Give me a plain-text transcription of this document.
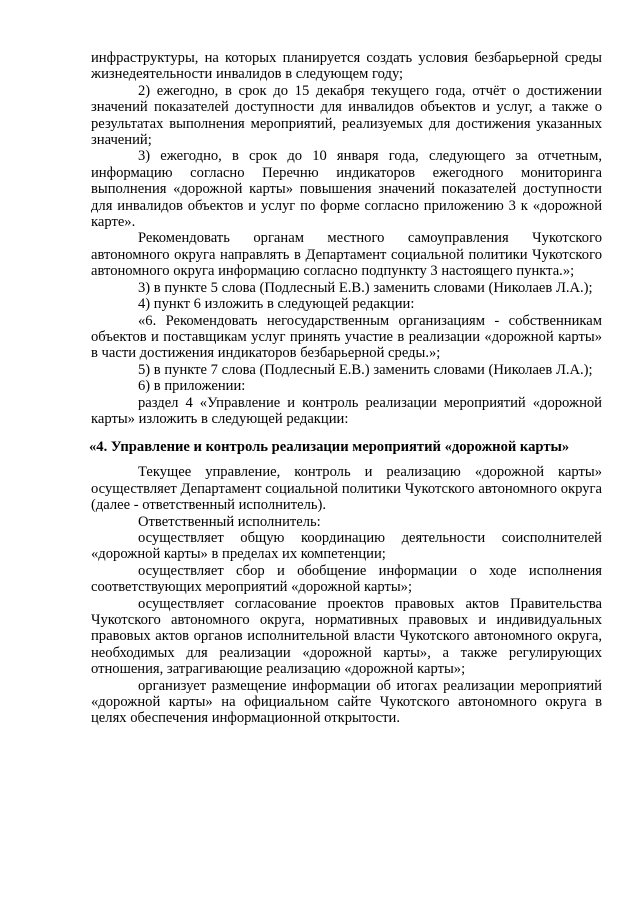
инфраструктуры, на которых планируется создать условия безбарьерной среды жизнедеятельности инвалидов в следующем году;

2) ежегодно, в срок до 15 декабря текущего года, отчёт о достижении значений показателей доступности для инвалидов объектов и услуг, а также о результатах выполнения мероприятий, реализуемых для достижения указанных значений;

3) ежегодно, в срок до 10 января года, следующего за отчетным, информацию согласно Перечню индикаторов ежегодного мониторинга выполнения «дорожной карты» повышения значений показателей доступности для инвалидов объектов и услуг по форме согласно приложению 3 к «дорожной карте».

Рекомендовать органам местного самоуправления Чукотского автономного округа направлять в Департамент социальной политики Чукотского автономного округа информацию согласно подпункту 3 настоящего пункта.»;

3) в пункте 5 слова (Подлесный Е.В.) заменить словами (Николаев Л.А.);

4) пункт 6 изложить в следующей редакции:

«6. Рекомендовать негосударственным организациям - собственникам объектов и поставщикам услуг принять участие в реализации «дорожной карты» в части достижения индикаторов безбарьерной среды.»;

5) в пункте 7 слова (Подлесный Е.В.) заменить словами (Николаев Л.А.);

6) в приложении:

раздел 4 «Управление и контроль реализации мероприятий «дорожной карты» изложить в следующей редакции:

«4. Управление и контроль реализации мероприятий «дорожной карты»

Текущее управление, контроль и реализацию «дорожной карты» осуществляет Департамент социальной политики Чукотского автономного округа (далее - ответственный исполнитель).

Ответственный исполнитель:

осуществляет общую координацию деятельности соисполнителей «дорожной карты» в пределах их компетенции;

осуществляет сбор и обобщение информации о ходе исполнения соответствующих мероприятий «дорожной карты»;

осуществляет согласование проектов правовых актов Правительства Чукотского автономного округа, нормативных правовых и индивидуальных правовых актов органов исполнительной власти Чукотского автономного округа, необходимых для реализации «дорожной карты», а также регулирующих отношения, затрагивающие реализацию «дорожной карты»;

организует размещение информации об итогах реализации мероприятий «дорожной карты» на официальном сайте Чукотского автономного округа в целях обеспечения информационной открытости.
